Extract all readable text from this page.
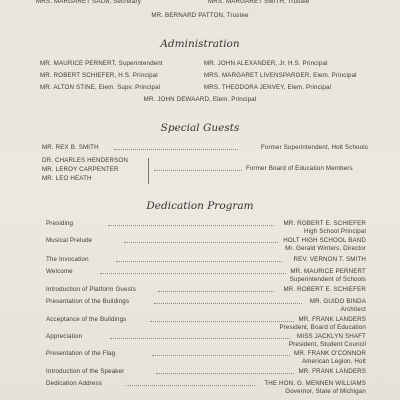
MRS. MARGARET SALM, Secretary	MRS. MARGARET SMITH, Trustee
MR. BERNARD PATTON, Trustee
Administration
MR. MAURICE PERNERT, Superintendent	MR. JOHN ALEXANDER, Jr. H.S. Principal
MR. ROBERT SCHIEFER, H.S. Principal	MRS. MARGARET LIVENSPARGER, Elem. Principal
MR. ALTON STINE, Elem. Supv. Principal	MRS. THEODORA JENVEY, Elem. Principal
MR. JOHN DEWAARD, Elem. Principal
Special Guests
MR. REX B. SMITH	Former Superintendent, Holt Schools
DR. CHARLES HENDERSON
MR. LEROY CARPENTER
MR. LEO HEATH
Former Board of Education Members
Dedication Program
Presiding	MR. ROBERT E. SCHIEFER
High School Principal
Musical Prelude	HOLT HIGH SCHOOL BAND
Mr. Gerald Winters, Director
The Invocation	REV. VERNON T. SMITH
Welcome	MR. MAURICE PERNERT
Superintendent of Schools
Introduction of Platform Guests	MR. ROBERT E. SCHIEFER
Presentation of the Buildings	MR. GUIDO BINDA
Architect
Acceptance of the Buildings	MR. FRANK LANDERS
President, Board of Education
Appreciation	MISS JACKLYN SHAFT
President, Student Council
Presentation of the Flag	MR. FRANK O'CONNOR
American Legion, Holt
Introduction of the Speaker	MR. FRANK LANDERS
Dedication Address	THE HON. G. MENNEN WILLIAMS
Governor, State of Michigan
